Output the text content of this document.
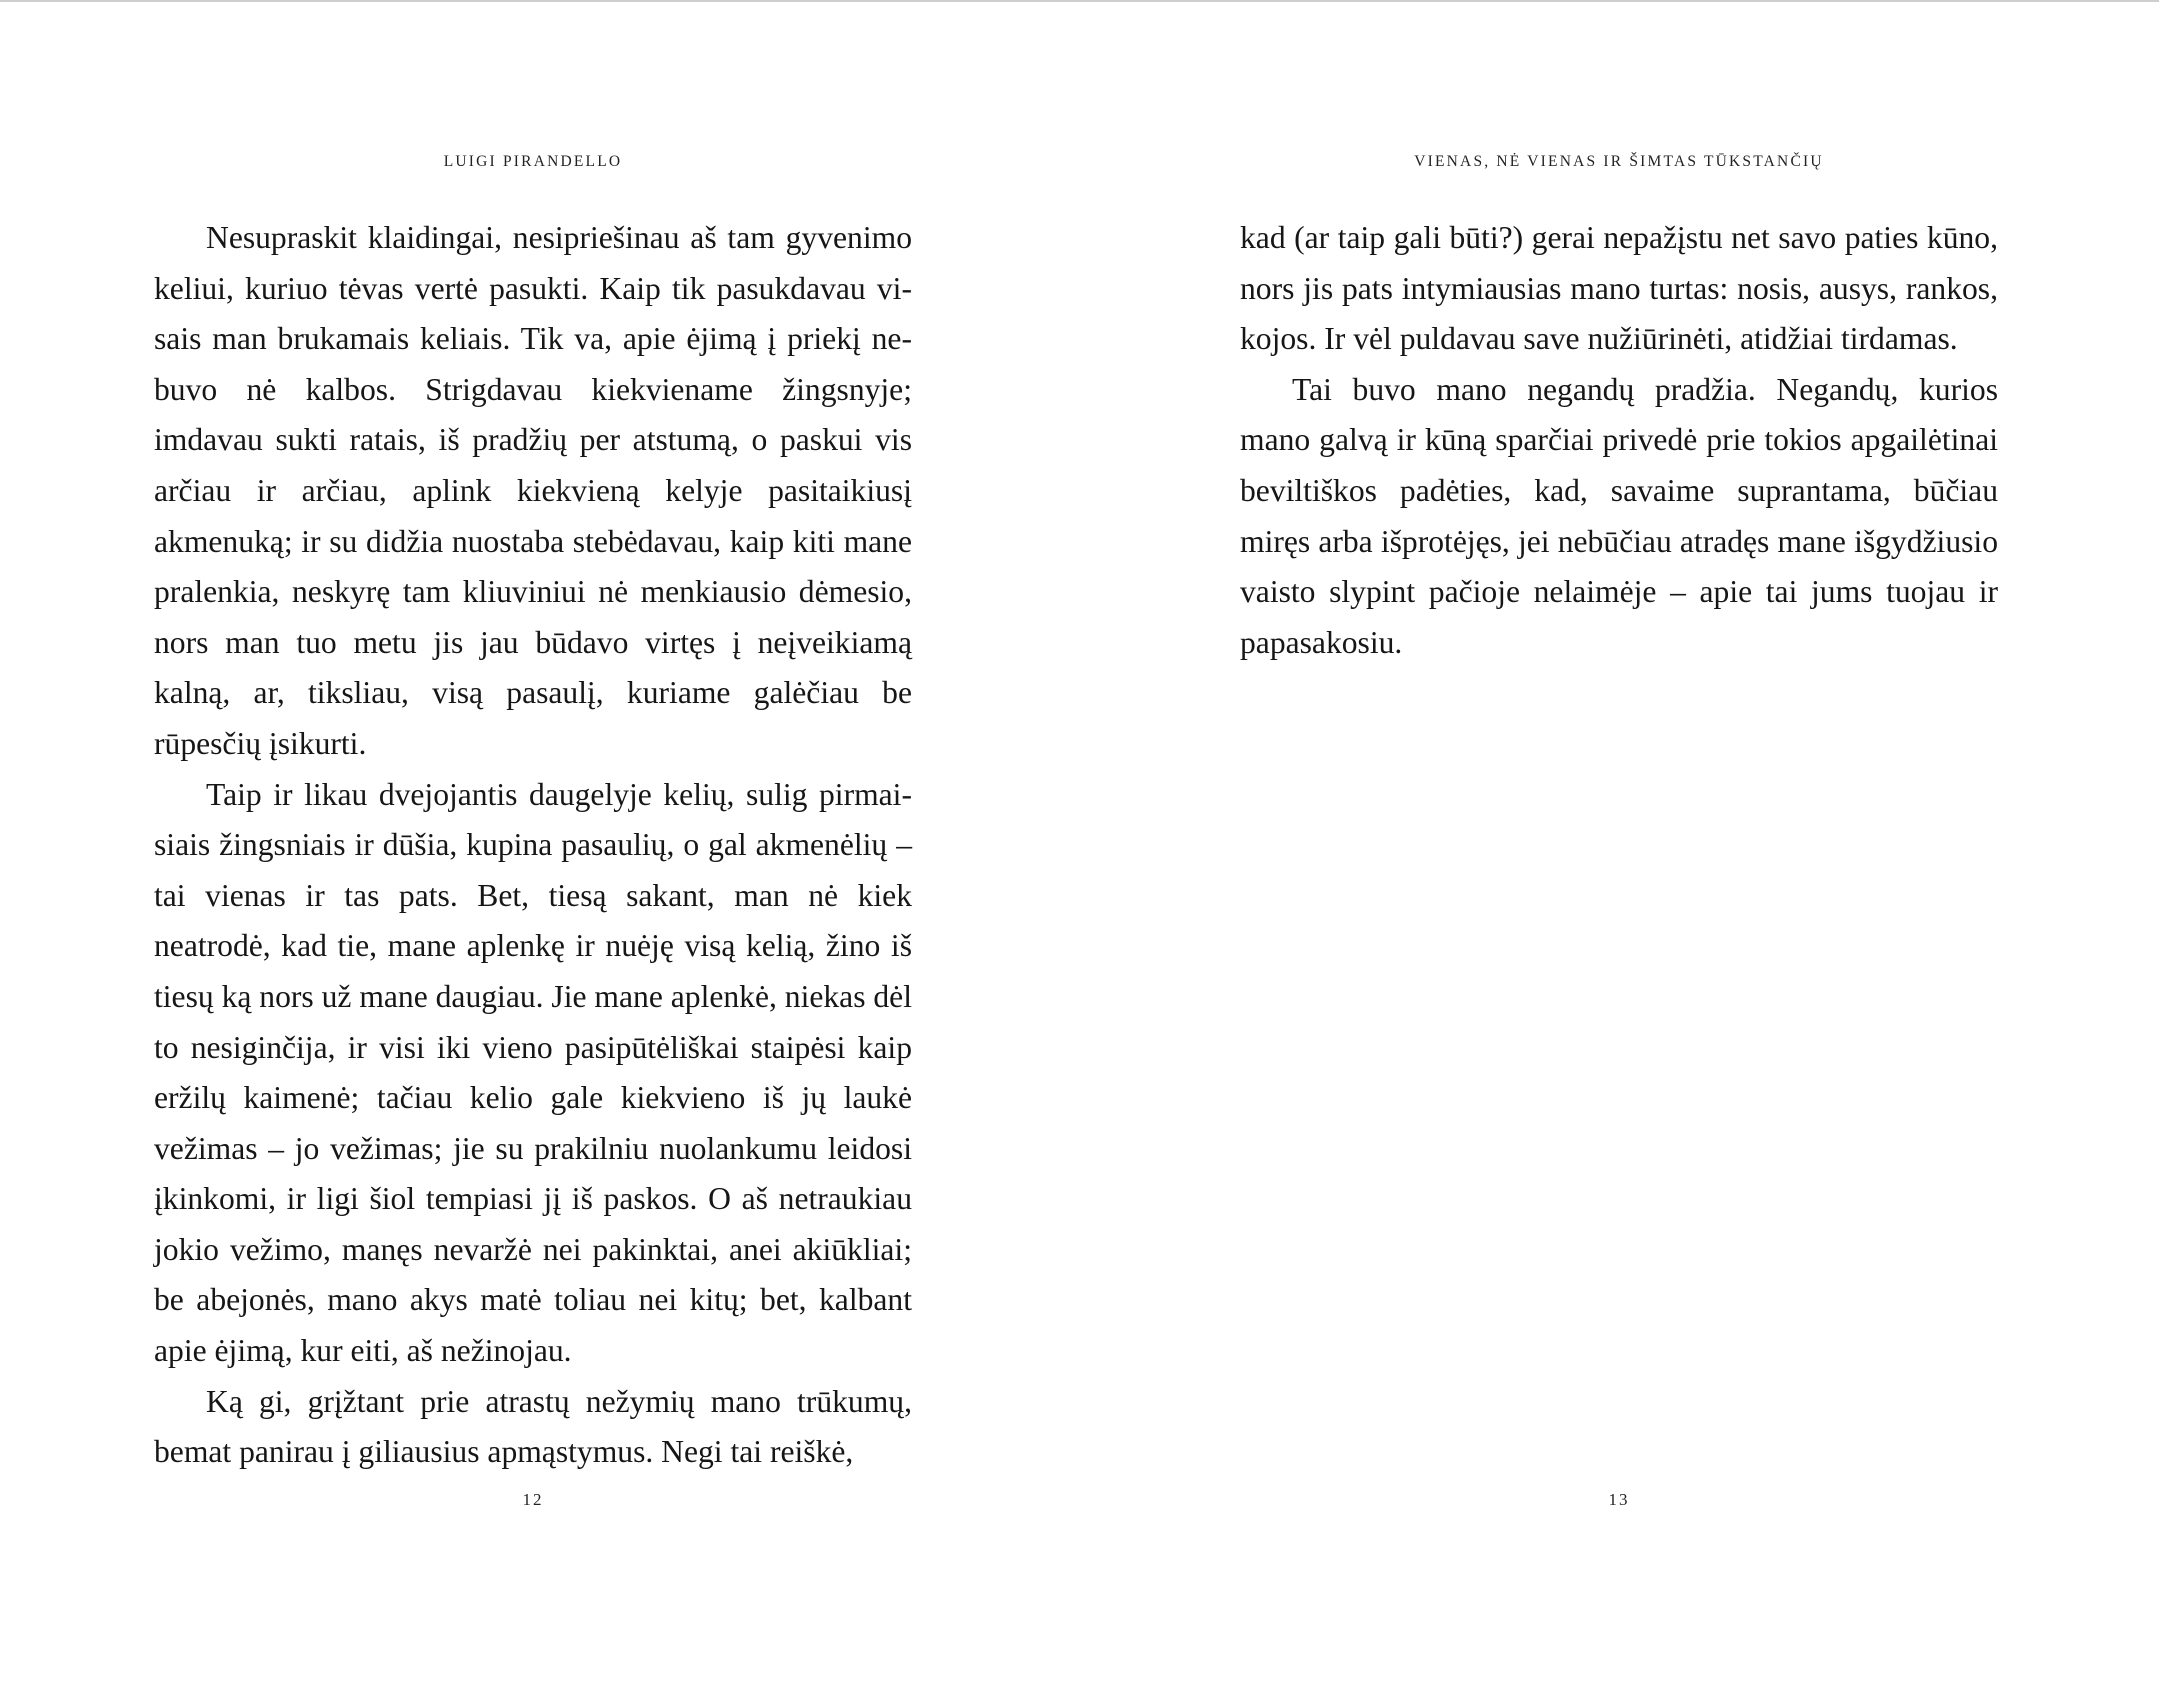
LUIGI PIRANDELLO

Nesupraskit klaidingai, nesipriešinau aš tam gyvenimo keliui, kuriuo tėvas vertė pasukti. Kaip tik pasukdavau visais man brukamais keliais. Tik va, apie ėjimą į priekį nebuvo nė kalbos. Strigdavau kiekviename žingsnyje; imdavau sukti ratais, iš pradžių per atstumą, o paskui vis arčiau ir arčiau, aplink kiekvieną kelyje pasitaikiusį akmenuką; ir su didžia nuostaba stebėdavau, kaip kiti mane pralenkia, neskyrę tam kliuviniui nė menkiausio dėmesio, nors man tuo metu jis jau būdavo virtęs į neįveikiamą kalną, ar, tiksliau, visą pasaulį, kuriame galėčiau be rūpesčių įsikurti.

Taip ir likau dvejojantis daugelyje kelių, sulig pirmaisiais žingsniais ir dūšia, kupina pasaulių, o gal akmenėlių – tai vienas ir tas pats. Bet, tiesą sakant, man nė kiek neatrodė, kad tie, mane aplenkę ir nuėję visą kelią, žino iš tiesų ką nors už mane daugiau. Jie mane aplenkė, niekas dėl to nesiginčija, ir visi iki vieno pasipūtėliškai staipėsi kaip eržilų kaimenė; tačiau kelio gale kiekvieno iš jų laukė vežimas – jo vežimas; jie su prakilniu nuolankumu leidosi įkinkomi, ir ligi šiol tempiasi jį iš paskos. O aš netraukiau jokio vežimo, manęs nevaržė nei pakinktai, anei akiūkliai; be abejonės, mano akys matė toliau nei kitų; bet, kalbant apie ėjimą, kur eiti, aš nežinojau.

Ką gi, grįžtant prie atrastų nežymių mano trūkumų, bemat panirau į giliausius apmąstymus. Negi tai reiškė,

12
VIENAS, NĖ VIENAS IR ŠIMTAS TŪKSTANČIŲ

kad (ar taip gali būti?) gerai nepažįstu net savo paties kūno, nors jis pats intymiausias mano turtas: nosis, ausys, rankos, kojos. Ir vėl puldavau save nužiūrinėti, atidžiai tirdamas.

Tai buvo mano negandų pradžia. Negandų, kurios mano galvą ir kūną sparčiai privedė prie tokios apgailėtinai beviltiškos padėties, kad, savaime suprantama, būčiau miręs arba išprotėjęs, jei nebūčiau atradęs mane išgydžiusio vaisto slypint pačioje nelaimėje – apie tai jums tuojau ir papasakosiu.

13
